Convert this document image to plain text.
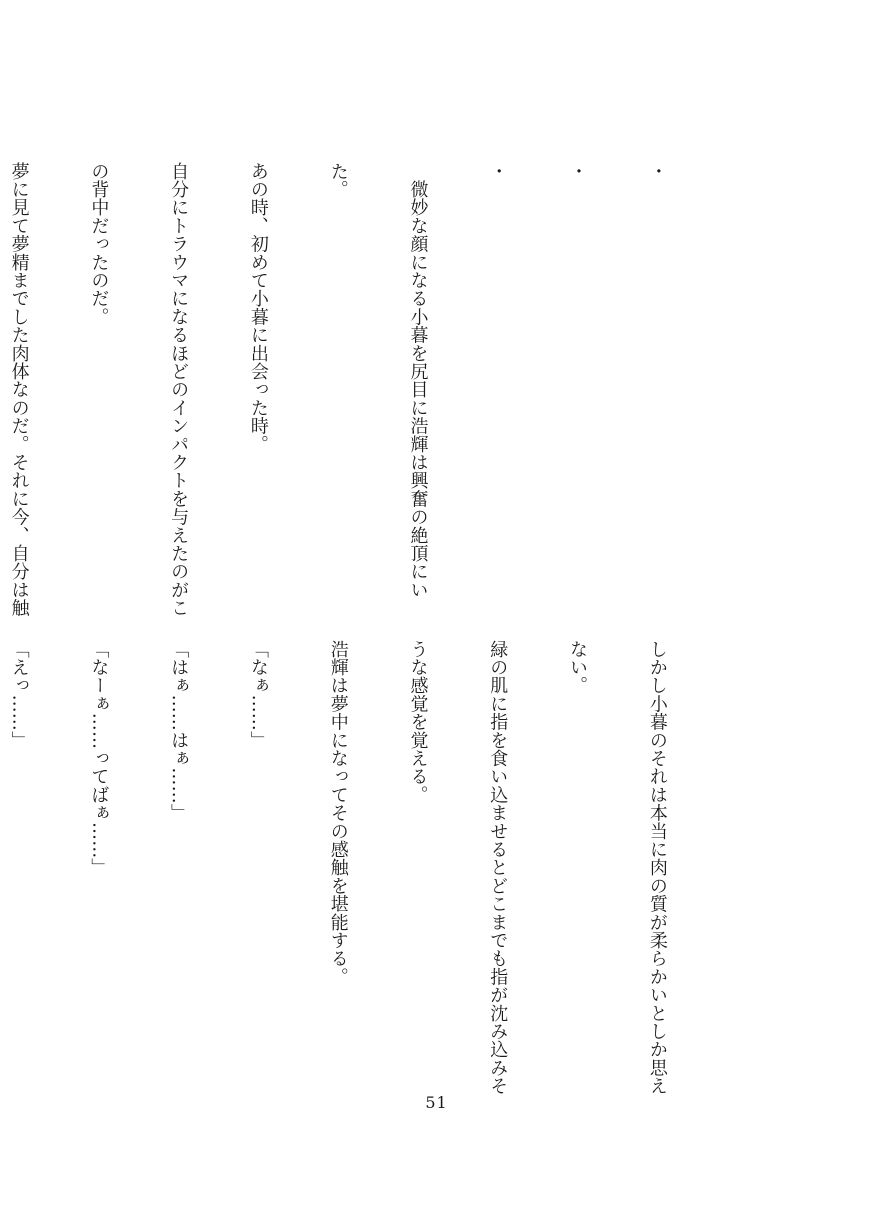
・

・

・

　微妙な顔になる小暮を尻目に浩輝は興奮の絶頂にい

た。

あの時、初めて小暮に出会った時。

自分にトラウマになるほどのインパクトを与えたのがこ

の背中だったのだ。

夢に見て夢精までした肉体なのだ。それに今、自分は触

しかし小暮のそれは本当に肉の質が柔らかいとしか思え

ない。

緑の肌に指を食い込ませるとどこまでも指が沈み込みそ

うな感覚を覚える。

浩輝は夢中になってその感触を堪能する。

「なぁ……」

「はぁ……はぁ……」

「なーぁ……ってばぁ……」

「えっ……」

51
